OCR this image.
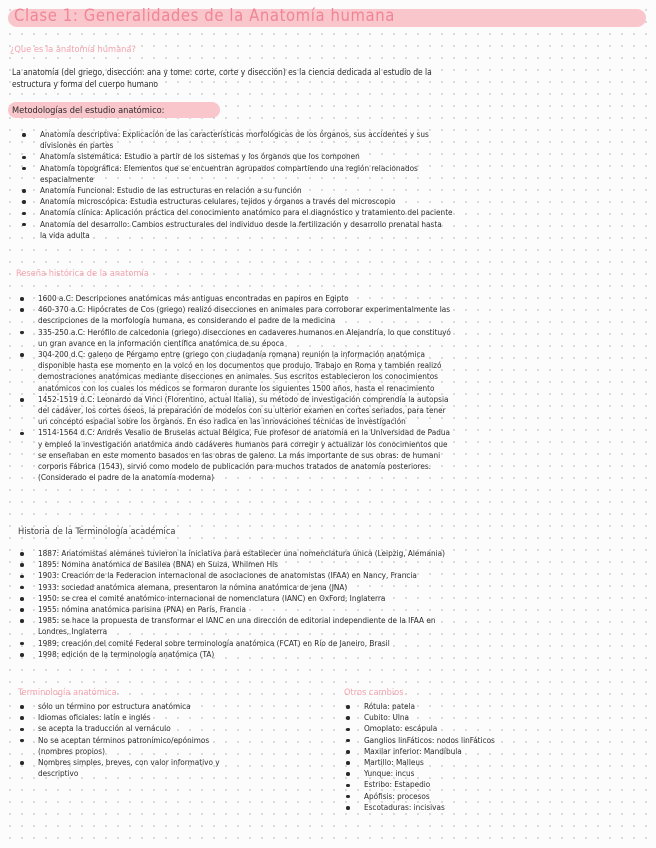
Clase 1: Generalidades de la Anatomía humana
¿Que es la anatomía humana?
La anatomía (del griego, disección: ana y tome: corte, corte y disección) es la ciencia dedicada al estudio de la
estructura y forma del cuerpo humano
Metodologías del estudio anatómico:
Anatomía descriptiva: Explicación de las características morfológicas de los órganos, sus accidentes y sus
divisiones en partes
Anatomía sistemática: Estudio a partir de los sistemas y los órganos que los componen
Anatomía topográfica: Elementos que se encuentran agrupados compartiendo una región relacionados
espacialmente
Anatomía Funcional: Estudio de las estructuras en relación a su función
Anatomía microscópica: Estudia estructuras celulares, tejidos y órganos a través del microscopio
Anatomía clínica: Aplicación práctica del conocimiento anatómico para el diagnóstico y tratamiento del paciente
Anatomía del desarrollo: Cambios estructurales del individuo desde la fertilización y desarrollo prenatal hasta
la vida adulta
Reseña histórica de la anatomía
1600 a.C: Descripciones anatómicas más antiguas encontradas en papiros en Egipto
460-370 a.C: Hipócrates de Cos (griego) realizó disecciones en animales para corroborar experimentalmente las
descripciones de la morfología humana, es considerando el padre de la medicina
335-250 a.C: Herófilo de calcedonia (griego) disecciones en cadaveres humanos en Alejandría, lo que constituyó
un gran avance en la información científica anatómica de su época
304-200 d.C: galeno de Pérgamo entre (griego con ciudadanía romana) reunión la información anatómica
disponible hasta ese momento en la volcó en los documentos que produjo. Trabajo en Roma y también realizó
demostraciones anatómicas mediante disecciones en animales. Sus escritos establecieron los conocimientos
anatómicos con los cuales los médicos se formaron durante los siguientes 1500 años, hasta el renacimiento
1452-1519 d.C: Leonardo da Vinci (Florentino, actual Italia), su método de investigación comprendía la autopsia
del cadáver, los cortes óseos, la preparación de modelos con su ulterior examen en cortes seriados, para tener
un concepto espacial sobre los órganos. En eso radica en las innovaciones técnicas de investigación
1514-1564 d.C: Andrés Vesalio de Bruselas actual Bélgica, Fue profesor de anatomía en la Universidad de Padua
y empleó la investigación anatómica ando cadáveres humanos para corregir y actualizar los conocimientos que
se enseñaban en este momento basados en las obras de galeno. La más importante de sus obras: de humani
corporis Fábrica (1543), sirvió como modelo de publicación para muchos tratados de anatomía posteriores.
(Considerado el padre de la anatomía moderna)
Historia de la Terminología académica
1887: Anatomistas alemanes tuvieron la iniciativa para establecer una nomenclatura única (Leipzig, Alemania)
1895: Nomina anatómica de Basilea (BNA) en Suiza, Whilmen His
1903: Creación de la Federacion internacional de asociaciones de anatomistas (IFAA) en Nancy, Francia
1933: sociedad anatómica alemana, presentaron la nómina anatómica de jena (JNA)
1950: se crea el comité anatómico internacional de nomenclatura (IANC) en OxFord, Inglaterra
1955: nómina anatómica parisina (PNA) en París, Francia
1985: se hace la propuesta de transformar el IANC en una dirección de editorial independiente de la IFAA en
Londres, Inglaterra
1989: creación del comité Federal sobre terminología anatómica (FCAT) en Río de Janeiro, Brasil
1998: edición de la terminología anatómica (TA)
Terminología anatómica
sólo un término por estructura anatómica
Idiomas oficiales: latín e inglés
se acepta la traducción al vernáculo
No se aceptan términos patronímico/epónimos
(nombres propios)
Nombres simples, breves, con valor informativo y
descriptivo
Otros cambios
Rótula: patela
Cubito: Ulna
Omoplato: escápula
Ganglios linFáticos: nodos linFáticos
Maxilar inferior: Mandíbula
Martillo: Malleus
Yunque: incus
Estribo: Estapedio
Apófisis: procesos
Escotaduras: incisivas
